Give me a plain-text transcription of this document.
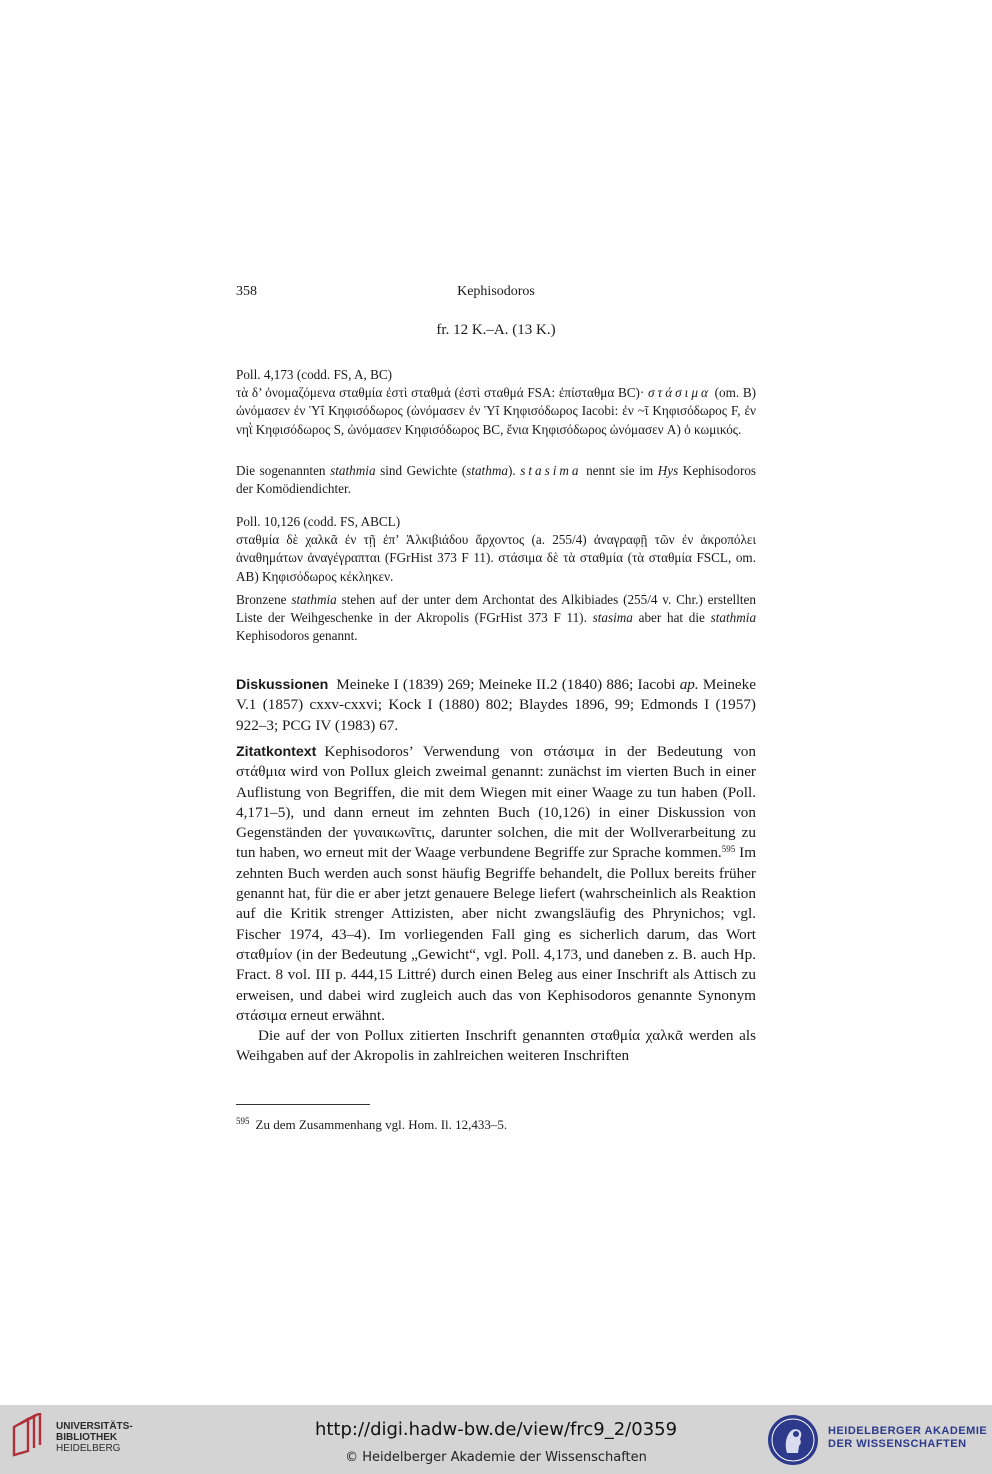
358	Kephisodoros
fr. 12 K.–A. (13 K.)
Poll. 4,173 (codd. FS, A, BC)
τὰ δ’ ὀνομαζόμενα σταθμία ἐστὶ σταθμά (ἐστὶ σταθμά FSA: ἐπίσταθμα BC)· στάσιμα (om. B) ὠνόμασεν ἐν Ὑΐ Κηφισόδωρος (ὠνόμασεν ἐν Ὑΐ Κηφισόδωρος Iacobi: ἐν ~ῖ Κηφισόδωρος F, ἐν νηῒ Κηφισόδωρος S, ὠνόμασεν Κηφισόδωρος BC, ἔνια Κηφισόδωρος ὠνόμασεν A) ὁ κωμικός.
Die sogenannten stathmia sind Gewichte (stathma). stasima nennt sie im Hys Kephisodoros der Komödiendichter.
Poll. 10,126 (codd. FS, ABCL)
σταθμία δὲ χαλκᾶ ἐν τῇ ἐπ’ Ἀλκιβιάδου ἄρχοντος (a. 255/4) ἀναγραφῇ τῶν ἐν ἀκροπόλει ἀναθημάτων ἀναγέγραπται (FGrHist 373 F 11). στάσιμα δὲ τὰ σταθμία (τὰ σταθμία FSCL, om. AB) Κηφισόδωρος κέκληκεν.
Bronzene stathmia stehen auf der unter dem Archontat des Alkibiades (255/4 v. Chr.) erstellten Liste der Weihgeschenke in der Akropolis (FGrHist 373 F 11). stasima aber hat die stathmia Kephisodoros genannt.
Diskussionen Meineke I (1839) 269; Meineke II.2 (1840) 886; Iacobi ap. Meineke V.1 (1857) cxxv-cxxvi; Kock I (1880) 802; Blaydes 1896, 99; Edmonds I (1957) 922–3; PCG IV (1983) 67.
Zitatkontext Kephisodoros’ Verwendung von στάσιμα in der Bedeutung von στάθμια wird von Pollux gleich zweimal genannt: zunächst im vierten Buch in einer Auflistung von Begriffen, die mit dem Wiegen mit einer Waage zu tun haben (Poll. 4,171–5), und dann erneut im zehnten Buch (10,126) in einer Diskussion von Gegenständen der γυναικωνῖτις, darunter solchen, die mit der Wollverarbeitung zu tun haben, wo erneut mit der Waage verbundene Begriffe zur Sprache kommen.$^{595}$ Im zehnten Buch werden auch sonst häufig Begriffe behandelt, die Pollux bereits früher genannt hat, für die er aber jetzt genauere Belege liefert (wahrscheinlich als Reaktion auf die Kritik strenger Attizisten, aber nicht zwangsläufig des Phrynichos; vgl. Fischer 1974, 43–4). Im vorliegenden Fall ging es sicherlich darum, das Wort σταθμίον (in der Bedeutung „Gewicht“, vgl. Poll. 4,173, und daneben z. B. auch Hp. Fract. 8 vol. III p. 444,15 Littré) durch einen Beleg aus einer Inschrift als Attisch zu erweisen, und dabei wird zugleich auch das von Kephisodoros genannte Synonym στάσιμα erneut erwähnt.
Die auf der von Pollux zitierten Inschrift genannten σταθμία χαλκᾶ werden als Weihgaben auf der Akropolis in zahlreichen weiteren Inschriften
$^{595}$ Zu dem Zusammenhang vgl. Hom. Il. 12,433–5.
UNIVERSITÄTS-
BIBLIOTHEK
HEIDELBERG
http://digi.hadw-bw.de/view/frc9_2/0359
© Heidelberger Akademie der Wissenschaften
HEIDELBERGER AKADEMIE
DER WISSENSCHAFTEN
